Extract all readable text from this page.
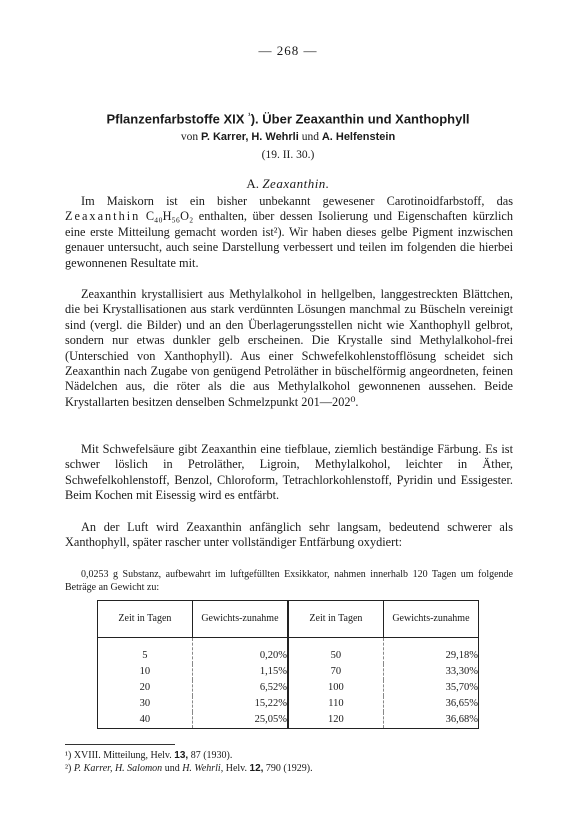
— 268 —
Pflanzenfarbstoffe XIX $^{^1}$). Über Zeaxanthin und Xanthophyll
von P. Karrer, H. Wehrli und A. Helfenstein
(19. II. 30.)
A. Zeaxanthin.

Im Maiskorn ist ein bisher unbekannt gewesener Carotinoidfarbstoff, das Zeaxanthin C₄₀H₅₆O₂ enthalten, über dessen Isolierung und Eigenschaften kürzlich eine erste Mitteilung gemacht worden ist²). Wir haben dieses gelbe Pigment inzwischen genauer untersucht, auch seine Darstellung verbessert und teilen im folgenden die hierbei gewonnenen Resultate mit.

Zeaxanthin krystallisiert aus Methylalkohol in hellgelben, langgestreckten Blättchen, die bei Krystallisationen aus stark verdünnten Lösungen manchmal zu Büscheln vereinigt sind (vergl. die Bilder) und an den Überlagerungsstellen nicht wie Xanthophyll gelbrot, sondern nur etwas dunkler gelb erscheinen. Die Krystalle sind Methylalkohol-frei (Unterschied von Xanthophyll). Aus einer Schwefelkohlenstofflösung scheidet sich Zeaxanthin nach Zugabe von genügend Petroläther in büschelförmig angeordneten, feinen Nädelchen aus, die röter als die aus Methylalkohol gewonnenen aussehen. Beide Krystallarten besitzen denselben Schmelzpunkt 201—202⁰.

Mit Schwefelsäure gibt Zeaxanthin eine tiefblaue, ziemlich beständige Färbung. Es ist schwer löslich in Petroläther, Ligroin, Methylalkohol, leichter in Äther, Schwefelkohlenstoff, Benzol, Chloroform, Tetrachlorkohlenstoff, Pyridin und Essigester. Beim Kochen mit Eisessig wird es entfärbt.

An der Luft wird Zeaxanthin anfänglich sehr langsam, bedeutend schwerer als Xanthophyll, später rascher unter vollständiger Entfärbung oxydiert:

0,0253 g Substanz, aufbewahrt im luftgefüllten Exsikkator, nahmen innerhalb 120 Tagen um folgende Beträge an Gewicht zu:
Zeit in Tagen	Gewichts-zunahme	Zeit in Tagen	Gewichts-zunahme
5	0,20%	50	29,18%
10	1,15%	70	33,30%
20	6,52%	100	35,70%
30	15,22%	110	36,65%
40	25,05%	120	36,68%
¹) XVIII. Mitteilung, Helv. 13, 87 (1930).
²) P. Karrer, H. Salomon und H. Wehrli, Helv. 12, 790 (1929).
